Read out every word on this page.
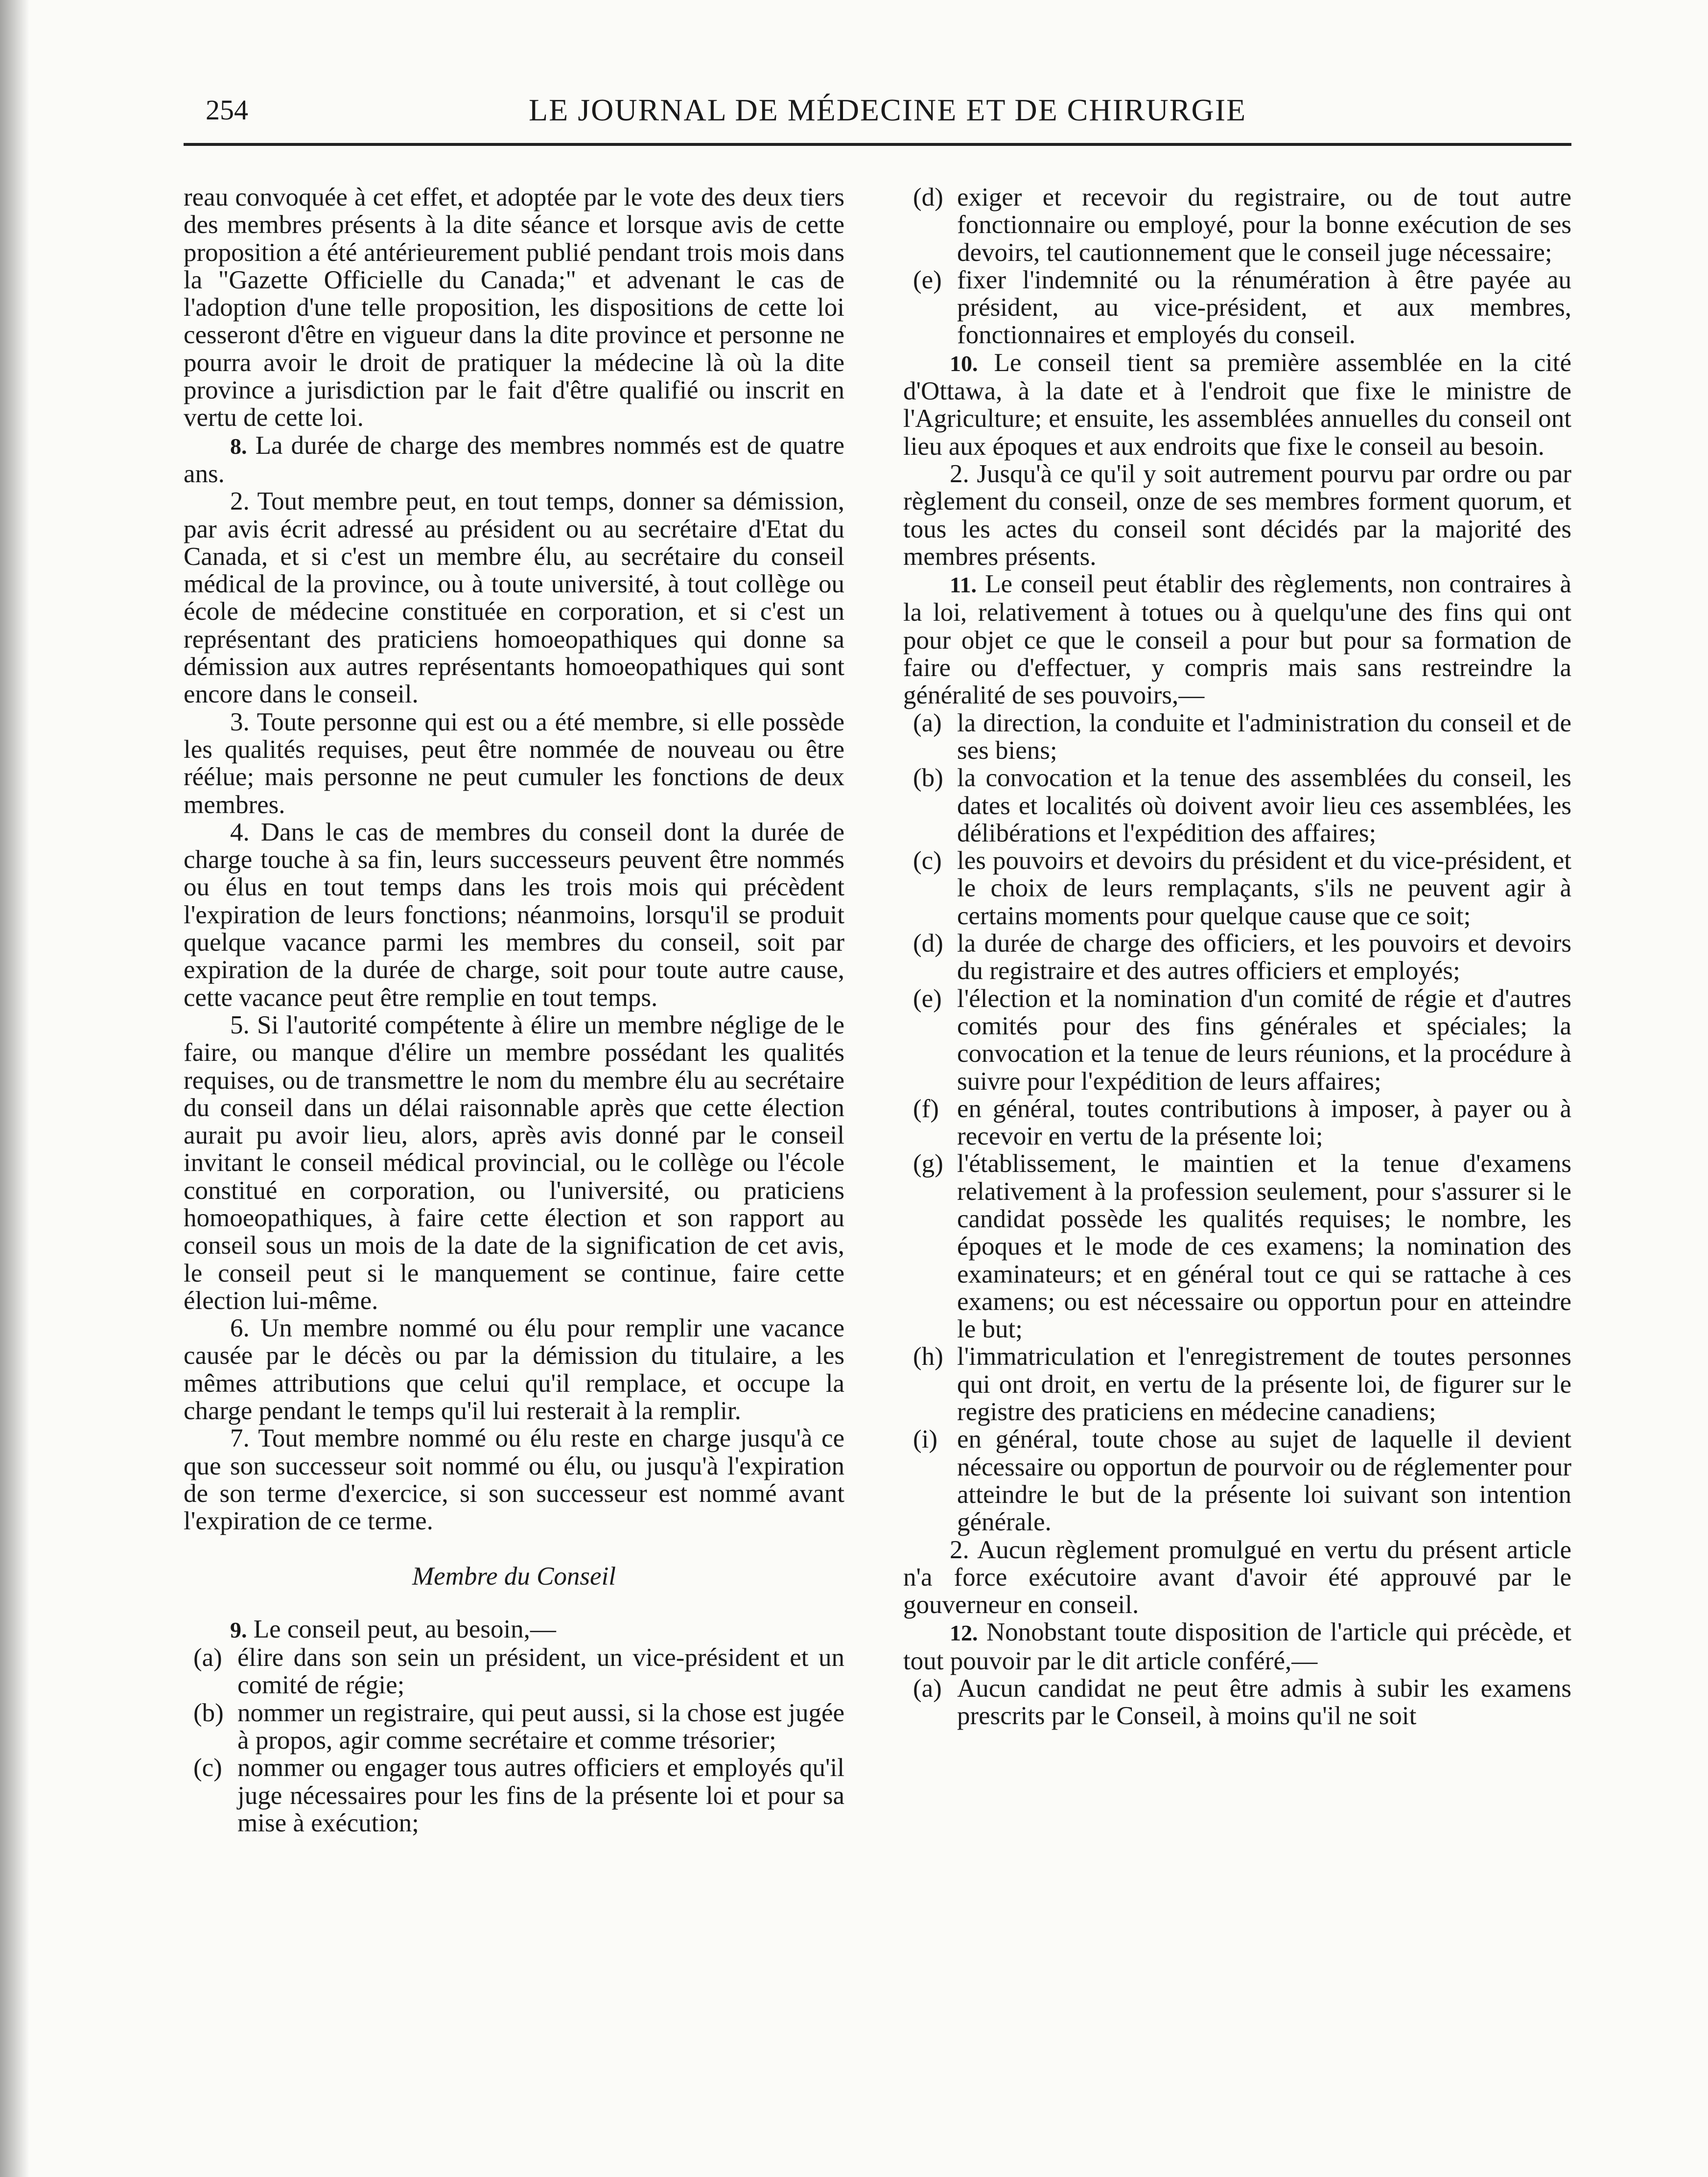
254	LE JOURNAL DE MÉDECINE ET DE CHIRURGIE

reau convoquée à cet effet, et adoptée par le vote des deux tiers des membres présents à la dite séance et lorsque avis de cette proposition a été antérieurement publié pendant trois mois dans la "Gazette Officielle du Canada;" et advenant le cas de l'adoption d'une telle proposition, les dispositions de cette loi cesseront d'être en vigueur dans la dite province et personne ne pourra avoir le droit de pratiquer la médecine là où la dite province a jurisdiction par le fait d'être qualifié ou inscrit en vertu de cette loi.

8. La durée de charge des membres nommés est de quatre ans.

2. Tout membre peut, en tout temps, donner sa démission, par avis écrit adressé au président ou au secrétaire d'Etat du Canada, et si c'est un membre élu, au secrétaire du conseil médical de la province, ou à toute université, à tout collège ou école de médecine constituée en corporation, et si c'est un représentant des praticiens homoeopathiques qui donne sa démission aux autres représentants homoeopathiques qui sont encore dans le conseil.

3. Toute personne qui est ou a été membre, si elle possède les qualités requises, peut être nommée de nouveau ou être réélue; mais personne ne peut cumuler les fonctions de deux membres.

4. Dans le cas de membres du conseil dont la durée de charge touche à sa fin, leurs successeurs peuvent être nommés ou élus en tout temps dans les trois mois qui précèdent l'expiration de leurs fonctions; néanmoins, lorsqu'il se produit quelque vacance parmi les membres du conseil, soit par expiration de la durée de charge, soit pour toute autre cause, cette vacance peut être remplie en tout temps.

5. Si l'autorité compétente à élire un membre néglige de le faire, ou manque d'élire un membre possédant les qualités requises, ou de transmettre le nom du membre élu au secrétaire du conseil dans un délai raisonnable après que cette élection aurait pu avoir lieu, alors, après avis donné par le conseil invitant le conseil médical provincial, ou le collège ou l'école constitué en corporation, ou l'université, ou praticiens homoeopathiques, à faire cette élection et son rapport au conseil sous un mois de la date de la signification de cet avis, le conseil peut si le manquement se continue, faire cette élection lui-même.

6. Un membre nommé ou élu pour remplir une vacance causée par le décès ou par la démission du titulaire, a les mêmes attributions que celui qu'il remplace, et occupe la charge pendant le temps qu'il lui resterait à la remplir.

7. Tout membre nommé ou élu reste en charge jusqu'à ce que son successeur soit nommé ou élu, ou jusqu'à l'expiration de son terme d'exercice, si son successeur est nommé avant l'expiration de ce terme.

Membre du Conseil

9. Le conseil peut, au besoin,—

(a) élire dans son sein un président, un vice-président et un comité de régie;
(b) nommer un registraire, qui peut aussi, si la chose est jugée à propos, agir comme secrétaire et comme trésorier;
(c) nommer ou engager tous autres officiers et employés qu'il juge nécessaires pour les fins de la présente loi et pour sa mise à exécution;
(d) exiger et recevoir du registraire, ou de tout autre fonctionnaire ou employé, pour la bonne exécution de ses devoirs, tel cautionnement que le conseil juge nécessaire;
(e) fixer l'indemnité ou la rénumération à être payée au président, au vice-président, et aux membres, fonctionnaires et employés du conseil.

10. Le conseil tient sa première assemblée en la cité d'Ottawa, à la date et à l'endroit que fixe le ministre de l'Agriculture; et ensuite, les assemblées annuelles du conseil ont lieu aux époques et aux endroits que fixe le conseil au besoin.

2. Jusqu'à ce qu'il y soit autrement pourvu par ordre ou par règlement du conseil, onze de ses membres forment quorum, et tous les actes du conseil sont décidés par la majorité des membres présents.

11. Le conseil peut établir des règlements, non contraires à la loi, relativement à totues ou à quelqu'une des fins qui ont pour objet ce que le conseil a pour but pour sa formation de faire ou d'effectuer, y compris mais sans restreindre la généralité de ses pouvoirs,—

(a) la direction, la conduite et l'administration du conseil et de ses biens;
(b) la convocation et la tenue des assemblées du conseil, les dates et localités où doivent avoir lieu ces assemblées, les délibérations et l'expédition des affaires;
(c) les pouvoirs et devoirs du président et du vice-président, et le choix de leurs remplaçants, s'ils ne peuvent agir à certains moments pour quelque cause que ce soit;
(d) la durée de charge des officiers, et les pouvoirs et devoirs du registraire et des autres officiers et employés;
(e) l'élection et la nomination d'un comité de régie et d'autres comités pour des fins générales et spéciales; la convocation et la tenue de leurs réunions, et la procédure à suivre pour l'expédition de leurs affaires;
(f) en général, toutes contributions à imposer, à payer ou à recevoir en vertu de la présente loi;
(g) l'établissement, le maintien et la tenue d'examens relativement à la profession seulement, pour s'assurer si le candidat possède les qualités requises; le nombre, les époques et le mode de ces examens; la nomination des examinateurs; et en général tout ce qui se rattache à ces examens; ou est nécessaire ou opportun pour en atteindre le but;
(h) l'immatriculation et l'enregistrement de toutes personnes qui ont droit, en vertu de la présente loi, de figurer sur le registre des praticiens en médecine canadiens;
(i) en général, toute chose au sujet de laquelle il devient nécessaire ou opportun de pourvoir ou de réglementer pour atteindre le but de la présente loi suivant son intention générale.

2. Aucun règlement promulgué en vertu du présent article n'a force exécutoire avant d'avoir été approuvé par le gouverneur en conseil.

12. Nonobstant toute disposition de l'article qui précède, et tout pouvoir par le dit article conféré,—

(a) Aucun candidat ne peut être admis à subir les examens prescrits par le Conseil, à moins qu'il ne soit
